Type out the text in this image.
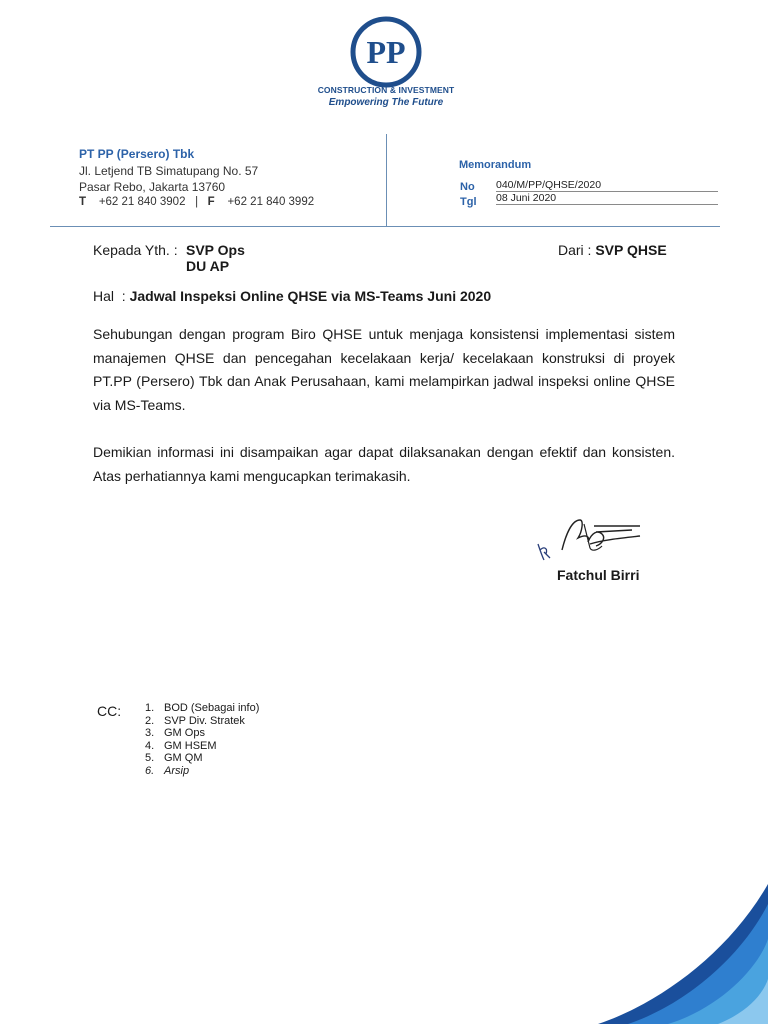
PP
CONSTRUCTION & INVESTMENT
Empowering The Future
PT PP (Persero) Tbk
Jl. Letjend TB Simatupang No. 57
Pasar Rebo, Jakarta 13760
T +62 21 840 3902 | F +62 21 840 3992
Memorandum
No 040/M/PP/QHSE/2020
Tgl 08 Juni 2020
Kepada Yth. : SVP Ops
DU AP
Dari : SVP QHSE
Hal : Jadwal Inspeksi Online QHSE via MS-Teams Juni 2020
Sehubungan dengan program Biro QHSE untuk menjaga konsistensi implementasi sistem manajemen QHSE dan pencegahan kecelakaan kerja/ kecelakaan konstruksi di proyek PT.PP (Persero) Tbk dan Anak Perusahaan, kami melampirkan jadwal inspeksi online QHSE via MS-Teams.
Demikian informasi ini disampaikan agar dapat dilaksanakan dengan efektif dan konsisten. Atas perhatiannya kami mengucapkan terimakasih.
Fatchul Birri
CC: 1. BOD (Sebagai info)
2. SVP Div. Stratek
3. GM Ops
4. GM HSEM
5. GM QM
6. Arsip
